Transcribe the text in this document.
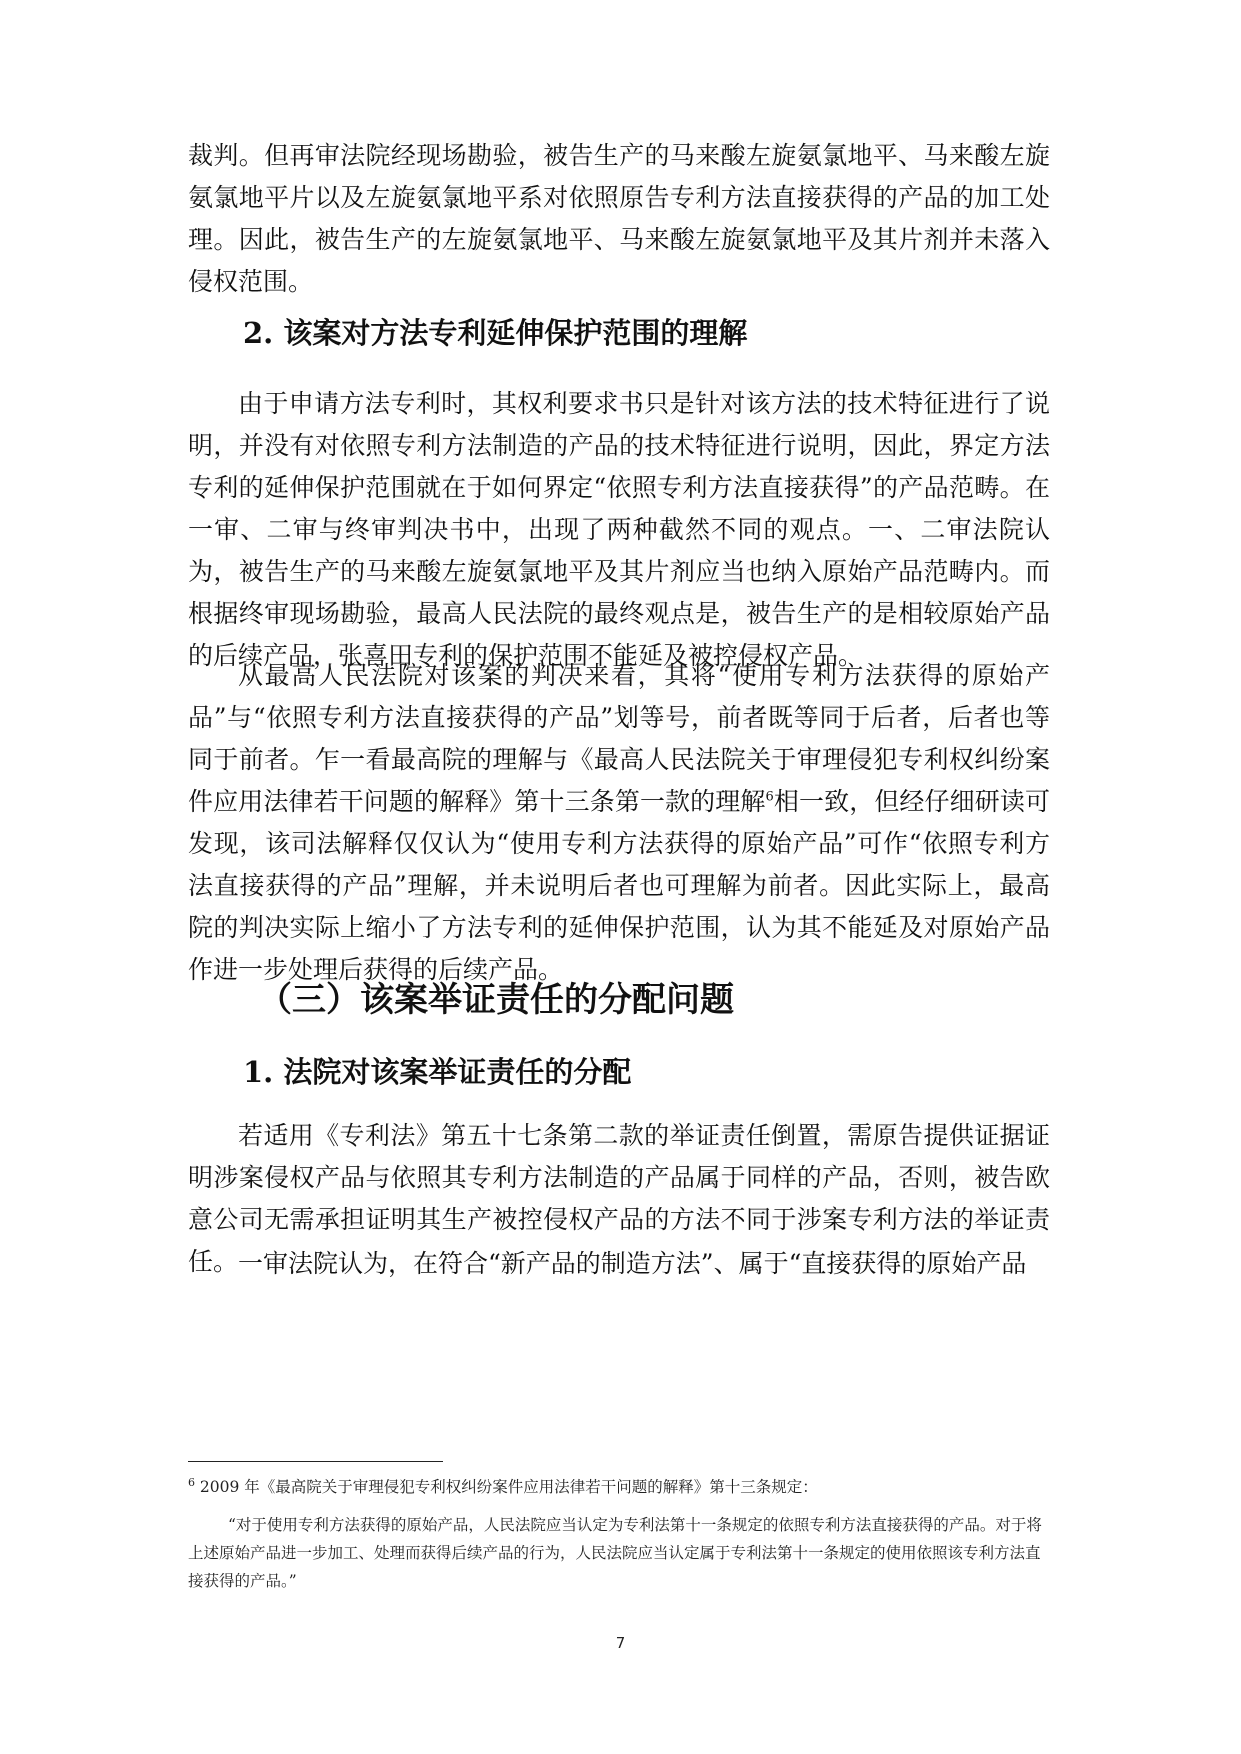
裁判。但再审法院经现场勘验，被告生产的马来酸左旋氨氯地平、马来酸左旋氨氯地平片以及左旋氨氯地平系对依照原告专利方法直接获得的产品的加工处理。因此，被告生产的左旋氨氯地平、马来酸左旋氨氯地平及其片剂并未落入侵权范围。

2. 该案对方法专利延伸保护范围的理解

由于申请方法专利时，其权利要求书只是针对该方法的技术特征进行了说明，并没有对依照专利方法制造的产品的技术特征进行说明，因此，界定方法专利的延伸保护范围就在于如何界定“依照专利方法直接获得”的产品范畴。在一审、二审与终审判决书中，出现了两种截然不同的观点。一、二审法院认为，被告生产的马来酸左旋氨氯地平及其片剂应当也纳入原始产品范畴内。而根据终审现场勘验，最高人民法院的最终观点是，被告生产的是相较原始产品的后续产品，张喜田专利的保护范围不能延及被控侵权产品。

从最高人民法院对该案的判决来看，其将“使用专利方法获得的原始产品”与“依照专利方法直接获得的产品”划等号，前者既等同于后者，后者也等同于前者。乍一看最高院的理解与《最高人民法院关于审理侵犯专利权纠纷案件应用法律若干问题的解释》第十三条第一款的理解$^6$相一致，但经仔细研读可发现，该司法解释仅仅认为“使用专利方法获得的原始产品”可作“依照专利方法直接获得的产品”理解，并未说明后者也可理解为前者。因此实际上，最高院的判决实际上缩小了方法专利的延伸保护范围，认为其不能延及对原始产品作进一步处理后获得的后续产品。

（三）该案举证责任的分配问题
1. 法院对该案举证责任的分配

若适用《专利法》第五十七条第二款的举证责任倒置，需原告提供证据证明涉案侵权产品与依照其专利方法制造的产品属于同样的产品，否则，被告欧意公司无需承担证明其生产被控侵权产品的方法不同于涉案专利方法的举证责任。 一审法院认为，在符合“新产品的制造方法”、属于“直接获得的原始产品

$^6$ 2009 年《最高院关于审理侵犯专利权纠纷案件应用法律若干问题的解释》第十三条规定：

“对于使用专利方法获得的原始产品，人民法院应当认定为专利法第十一条规定的依照专利方法直接获得的产品。对于将上述原始产品进一步加工、处理而获得后续产品的行为，人民法院应当认定属于专利法第十一条规定的使用依照该专利方法直接获得的产品。”

7
